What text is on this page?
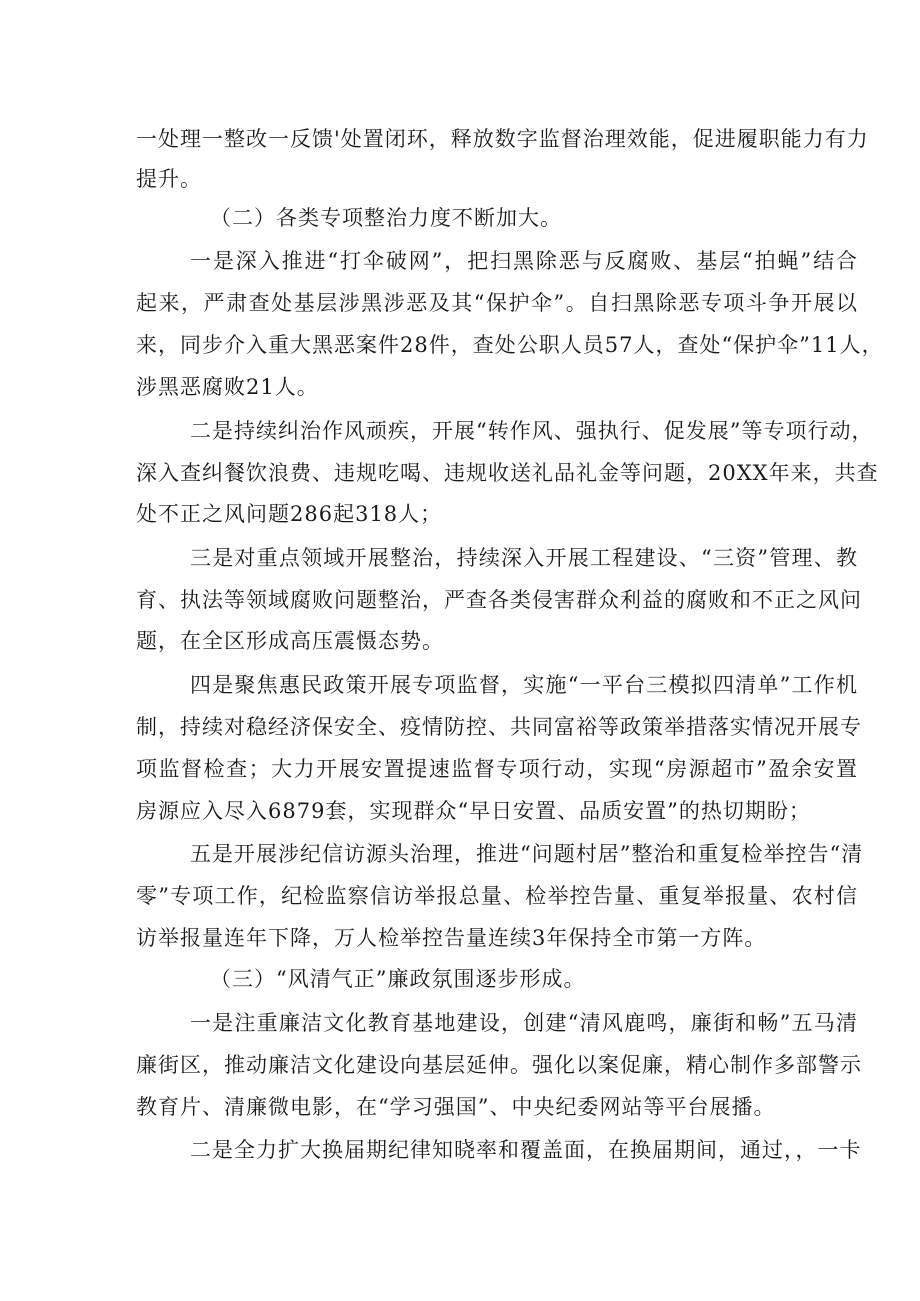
一处理一整改一反馈'处置闭环，释放数字监督治理效能，促进履职能力有力
提升。
（二）各类专项整治力度不断加大。
一是深入推进“打伞破网”，把扫黑除恶与反腐败、基层“拍蝇”结合
起来，严肃查处基层涉黑涉恶及其“保护伞”。自扫黑除恶专项斗争开展以
来，同步介入重大黑恶案件28件，查处公职人员57人，查处“保护伞”11人，
涉黑恶腐败21人。
二是持续纠治作风顽疾，开展“转作风、强执行、促发展”等专项行动，
深入查纠餐饮浪费、违规吃喝、违规收送礼品礼金等问题，20XX年来，共查
处不正之风问题286起318人；
三是对重点领域开展整治，持续深入开展工程建设、“三资”管理、教
育、执法等领域腐败问题整治，严查各类侵害群众利益的腐败和不正之风问
题，在全区形成高压震慑态势。
四是聚焦惠民政策开展专项监督，实施“一平台三模拟四清单”工作机
制，持续对稳经济保安全、疫情防控、共同富裕等政策举措落实情况开展专
项监督检查；大力开展安置提速监督专项行动，实现“房源超市”盈余安置
房源应入尽入6879套，实现群众“早日安置、品质安置”的热切期盼；
五是开展涉纪信访源头治理，推进“问题村居”整治和重复检举控告“清
零”专项工作，纪检监察信访举报总量、检举控告量、重复举报量、农村信
访举报量连年下降，万人检举控告量连续3年保持全市第一方阵。
（三）“风清气正”廉政氛围逐步形成。
一是注重廉洁文化教育基地建设，创建“清风鹿鸣，廉街和畅”五马清
廉街区，推动廉洁文化建设向基层延伸。强化以案促廉，精心制作多部警示
教育片、清廉微电影，在“学习强国”、中央纪委网站等平台展播。
二是全力扩大换届期纪律知晓率和覆盖面，在换届期间，通过，，一卡
